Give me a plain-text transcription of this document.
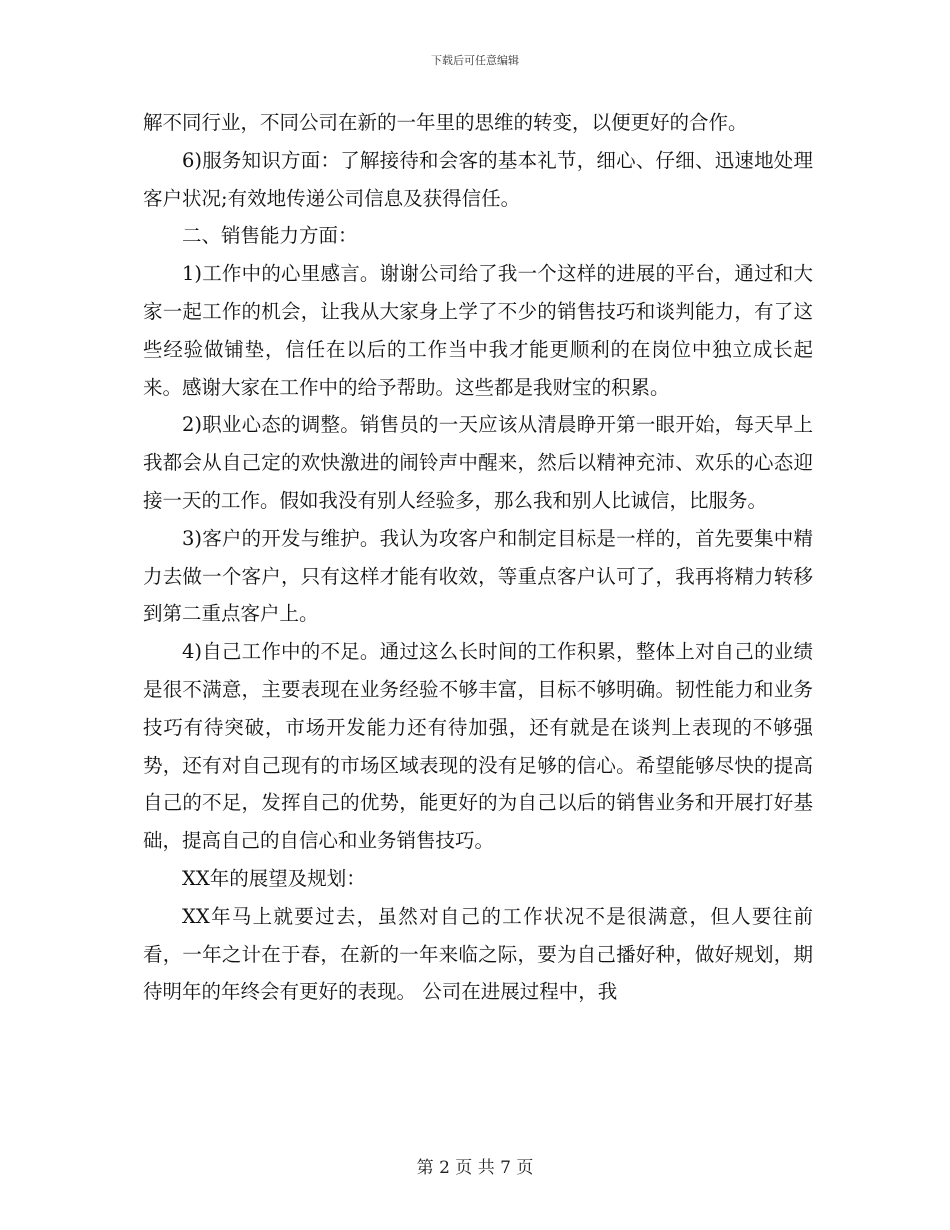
下载后可任意编辑

解不同行业，不同公司在新的一年里的思维的转变，以便更好的合作。

6)服务知识方面：了解接待和会客的基本礼节，细心、仔细、迅速地处理客户状况;有效地传递公司信息及获得信任。

二、销售能力方面：

1)工作中的心里感言。谢谢公司给了我一个这样的进展的平台，通过和大家一起工作的机会，让我从大家身上学了不少的销售技巧和谈判能力，有了这些经验做铺垫，信任在以后的工作当中我才能更顺利的在岗位中独立成长起来。感谢大家在工作中的给予帮助。这些都是我财宝的积累。

2)职业心态的调整。销售员的一天应该从清晨睁开第一眼开始，每天早上我都会从自己定的欢快激进的闹铃声中醒来，然后以精神充沛、欢乐的心态迎接一天的工作。假如我没有别人经验多，那么我和别人比诚信，比服务。

3)客户的开发与维护。我认为攻客户和制定目标是一样的，首先要集中精力去做一个客户，只有这样才能有收效，等重点客户认可了，我再将精力转移到第二重点客户上。

4)自己工作中的不足。通过这么长时间的工作积累，整体上对自己的业绩是很不满意，主要表现在业务经验不够丰富，目标不够明确。韧性能力和业务技巧有待突破，市场开发能力还有待加强，还有就是在谈判上表现的不够强势，还有对自己现有的市场区域表现的没有足够的信心。希望能够尽快的提高自己的不足，发挥自己的优势，能更好的为自己以后的销售业务和开展打好基础，提高自己的自信心和业务销售技巧。

XX年的展望及规划：

XX年马上就要过去，虽然对自己的工作状况不是很满意，但人要往前看，一年之计在于春，在新的一年来临之际，要为自己播好种，做好规划，期待明年的年终会有更好的表现。 公司在进展过程中，我

第 2 页 共 7 页
